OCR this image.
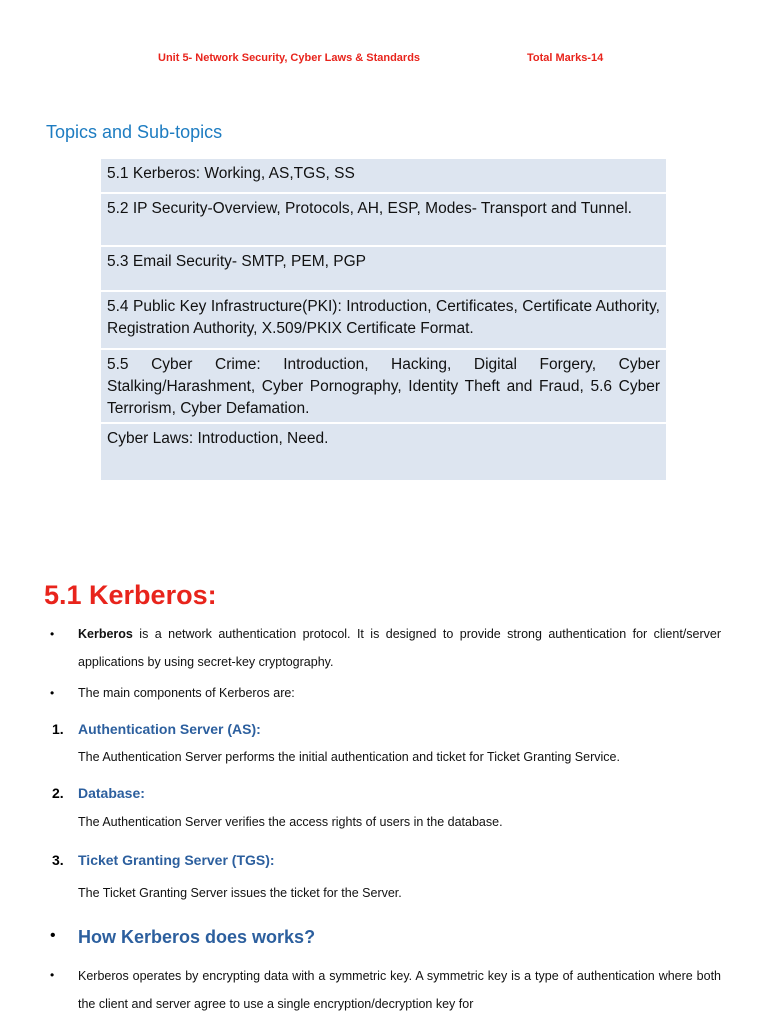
Unit 5- Network Security, Cyber Laws & Standards	Total Marks-14
Topics and Sub-topics
5.1 Kerberos: Working, AS,TGS, SS
5.2 IP Security-Overview, Protocols, AH, ESP, Modes- Transport and Tunnel.
5.3 Email Security- SMTP, PEM, PGP
5.4 Public Key Infrastructure(PKI): Introduction, Certificates, Certificate Authority, Registration Authority, X.509/PKIX Certificate Format.
5.5 Cyber Crime: Introduction, Hacking, Digital Forgery, Cyber Stalking/Harashment, Cyber Pornography, Identity Theft and Fraud, 5.6 Cyber Terrorism, Cyber Defamation.
Cyber Laws: Introduction, Need.
5.1 Kerberos:
• Kerberos is a network authentication protocol. It is designed to provide strong authentication for client/server applications by using secret-key cryptography.
• The main components of Kerberos are:
1. Authentication Server (AS):
The Authentication Server performs the initial authentication and ticket for Ticket Granting Service.
2. Database:
The Authentication Server verifies the access rights of users in the database.
3. Ticket Granting Server (TGS):
The Ticket Granting Server issues the ticket for the Server.
• How Kerberos does works?
• Kerberos operates by encrypting data with a symmetric key. A symmetric key is a type of authentication where both the client and server agree to use a single encryption/decryption key for
